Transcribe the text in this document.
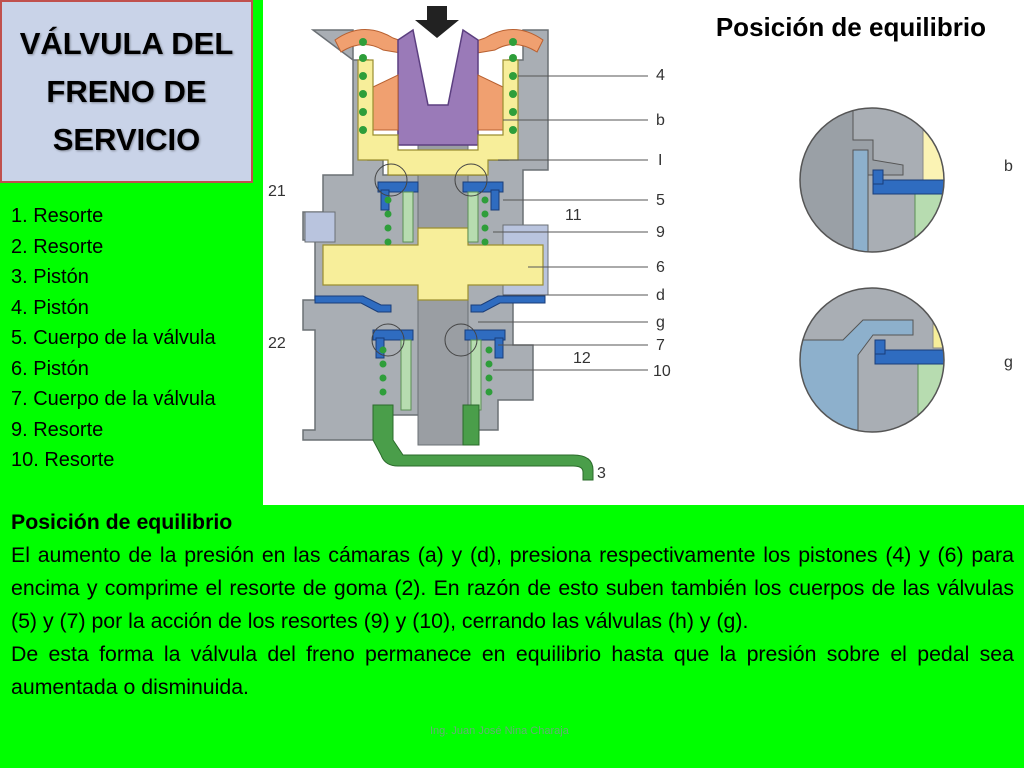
VÁLVULA DEL FRENO DE SERVICIO
1. Resorte
2. Resorte
3. Pistón
4. Pistón
5. Cuerpo de la válvula
6. Pistón
7. Cuerpo de la válvula
9. Resorte
10. Resorte
4
b
I
5
11
9
6
d
g
7
12
10
3
21
22
b
g
Posición de equilibrio
Posición de equilibrio

El aumento de la presión en las cámaras (a) y (d), presiona respectivamente los pistones (4) y (6) para encima y comprime el resorte de goma (2). En razón de esto suben también los cuerpos de las válvulas (5) y (7) por la acción de los resortes (9) y (10), cerrando las válvulas (h) y (g).

De esta forma la válvula del freno permanece en equilibrio hasta que la presión sobre el pedal sea aumentada o disminuida.

Ing. Juan José Nina Charaja
